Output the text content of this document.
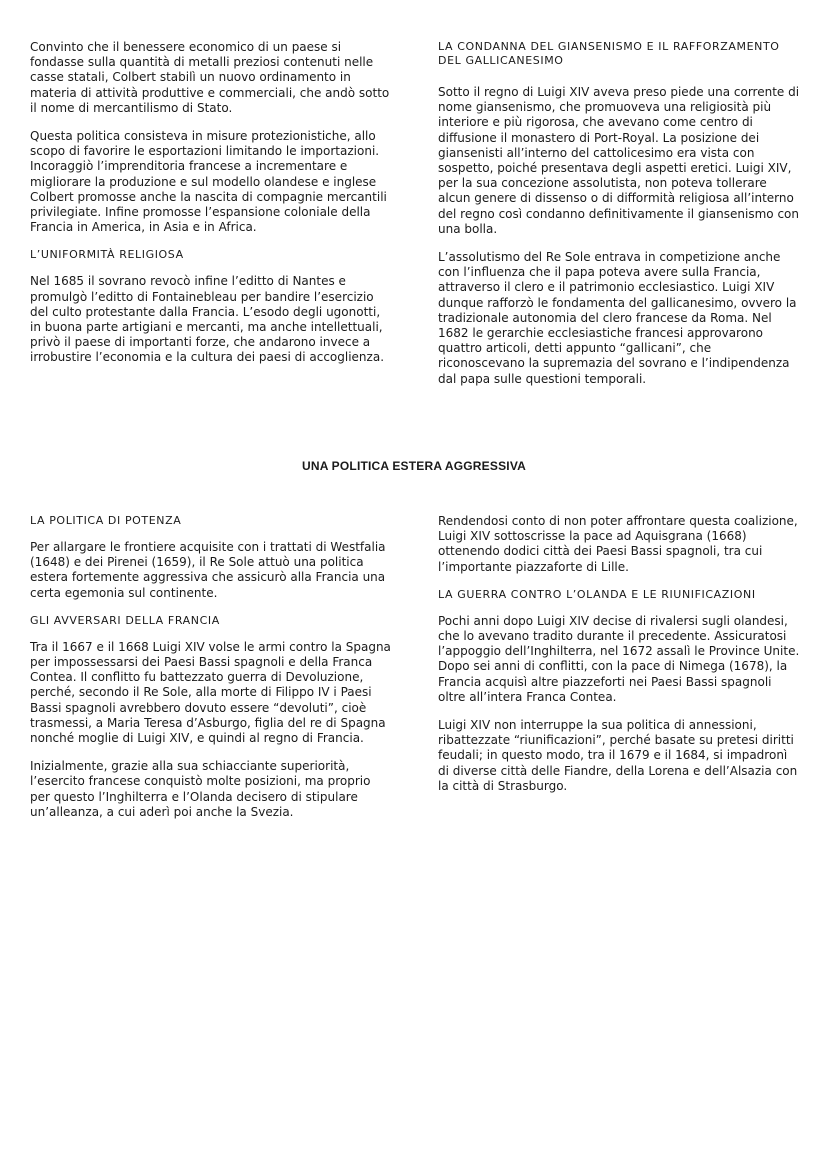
Convinto che il benessere economico di un paese si fondasse sulla quantità di metalli preziosi contenuti nelle casse statali, Colbert stabilì un nuovo ordinamento in materia di attività produttive e commerciali, che andò sotto il nome di mercantilismo di Stato.

Questa politica consisteva in misure protezionistiche, allo scopo di favorire le esportazioni limitando le importazioni. Incoraggiò l’imprenditoria francese a incrementare e migliorare la produzione e sul modello olandese e inglese Colbert promosse anche la nascita di compagnie mercantili privilegiate. Infine promosse l’espansione coloniale della Francia in America, in Asia e in Africa.

L’UNIFORMITÀ RELIGIOSA

Nel 1685 il sovrano revocò infine l’editto di Nantes e promulgò l’editto di Fontainebleau per bandire l’esercizio del culto protestante dalla Francia. L’esodo degli ugonotti, in buona parte artigiani e mercanti, ma anche intellettuali, privò il paese di importanti forze, che andarono invece a irrobustire l’economia e la cultura dei paesi di accoglienza.

LA CONDANNA DEL GIANSENISMO E IL RAFFORZAMENTO DEL GALLICANESIMO

Sotto il regno di Luigi XIV aveva preso piede una corrente di nome giansenismo, che promuoveva una religiosità più interiore e più rigorosa, che avevano come centro di diffusione il monastero di Port-Royal. La posizione dei giansenisti all’interno del cattolicesimo era vista con sospetto, poiché presentava degli aspetti eretici. Luigi XIV, per la sua concezione assolutista, non poteva tollerare alcun genere di dissenso o di difformità religiosa all’interno del regno così condanno definitivamente il giansenismo con una bolla.

L’assolutismo del Re Sole entrava in competizione anche con l’influenza che il papa poteva avere sulla Francia, attraverso il clero e il patrimonio ecclesiastico. Luigi XIV dunque rafforzò le fondamenta del gallicanesimo, ovvero la tradizionale autonomia del clero francese da Roma. Nel 1682 le gerarchie ecclesiastiche francesi approvarono quattro articoli, detti appunto “gallicani”, che riconoscevano la supremazia del sovrano e l’indipendenza dal papa sulle questioni temporali.

UNA POLITICA ESTERA AGGRESSIVA
LA POLITICA DI POTENZA

Per allargare le frontiere acquisite con i trattati di Westfalia (1648) e dei Pirenei (1659), il Re Sole attuò una politica estera fortemente aggressiva che assicurò alla Francia una certa egemonia sul continente.

GLI AVVERSARI DELLA FRANCIA

Tra il 1667 e il 1668 Luigi XIV volse le armi contro la Spagna per impossessarsi dei Paesi Bassi spagnoli e della Franca Contea. Il conflitto fu battezzato guerra di Devoluzione, perché, secondo il Re Sole, alla morte di Filippo IV i Paesi Bassi spagnoli avrebbero dovuto essere “devoluti”, cioè trasmessi, a Maria Teresa d’Asburgo, figlia del re di Spagna nonché moglie di Luigi XIV, e quindi al regno di Francia.

Inizialmente, grazie alla sua schiacciante superiorità, l’esercito francese conquistò molte posizioni, ma proprio per questo l’Inghilterra e l’Olanda decisero di stipulare un’alleanza, a cui aderì poi anche la Svezia.

Rendendosi conto di non poter affrontare questa coalizione, Luigi XIV sottoscrisse la pace ad Aquisgrana (1668) ottenendo dodici città dei Paesi Bassi spagnoli, tra cui l’importante piazzaforte di Lille.

LA GUERRA CONTRO L’OLANDA E LE RIUNIFICAZIONI

Pochi anni dopo Luigi XIV decise di rivalersi sugli olandesi, che lo avevano tradito durante il precedente. Assicuratosi l’appoggio dell’Inghilterra, nel 1672 assalì le Province Unite. Dopo sei anni di conflitti, con la pace di Nimega (1678), la Francia acquisì altre piazzeforti nei Paesi Bassi spagnoli oltre all’intera Franca Contea.

Luigi XIV non interruppe la sua politica di annessioni, ribattezzate “riunificazioni”, perché basate su pretesi diritti feudali; in questo modo, tra il 1679 e il 1684, si impadronì di diverse città delle Fiandre, della Lorena e dell’Alsazia con la città di Strasburgo.
